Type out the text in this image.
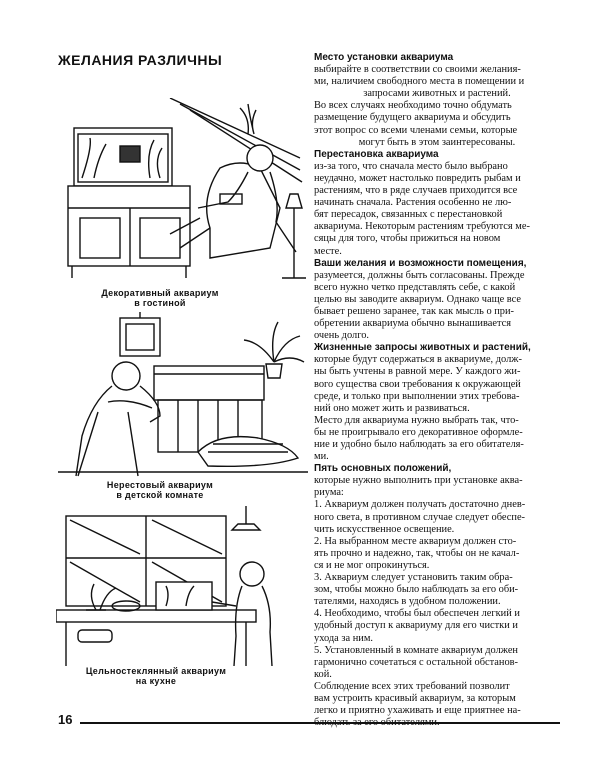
ЖЕЛАНИЯ РАЗЛИЧНЫ
Декоративный аквариум
в гостиной
Нерестовый аквариум
в детской комнате
Цельностеклянный аквариум
на кухне
Место установки аквариума

выбирайте в соответствии со своими желания-

ми, наличием свободного места в помещении и

запросами животных и растений.

Во всех случаях необходимо точно обдумать

размещение будущего аквариума и обсудить

этот вопрос со всеми членами семьи, которые

могут быть в этом заинтересованы.

Перестановка аквариума

из-за того, что сначала место было выбрано

неудачно, может настолько повредить рыбам и

растениям, что в ряде случаев приходится все

начинать сначала. Растения особенно не лю-

бят пересадок, связанных с перестановкой

аквариума. Некоторым растениям требуются ме-

сяцы для того, чтобы прижиться на новом

месте.

Ваши желания и возможности помещения,

разумеется, должны быть согласованы. Прежде

всего нужно четко представлять себе, с какой

целью вы заводите аквариум. Однако чаще все

бывает решено заранее, так как мысль о при-

обретении аквариума обычно вынашивается

очень долго.

Жизненные запросы животных и растений,

которые будут содержаться в аквариуме, долж-

ны быть учтены в равной мере. У каждого жи-

вого существа свои требования к окружающей

среде, и только при выполнении этих требова-

ний оно может жить и развиваться.

Место для аквариума нужно выбрать так, что-

бы не проигрывало его декоративное оформле-

ние и удобно было наблюдать за его обитателя-

ми.

Пять основных положений,

которые нужно выполнить при установке аква-

риума:

1. Аквариум должен получать достаточно днев-

ного света, в противном случае следует обеспе-

чить искусственное освещение.

2. На выбранном месте аквариум должен сто-

ять прочно и надежно, так, чтобы он не качал-

ся и не мог опрокинуться.

3. Аквариум следует установить таким обра-

зом, чтобы можно было наблюдать за его оби-

тателями, находясь в удобном положении.

4. Необходимо, чтобы был обеспечен легкий и

удобный доступ к аквариуму для его чистки и

ухода за ним.

5. Установленный в комнате аквариум должен

гармонично сочетаться с остальной обстанов-

кой.

Соблюдение всех этих требований позволит

вам устроить красивый аквариум, за которым

легко и приятно ухаживать и еще приятнее на-

16
